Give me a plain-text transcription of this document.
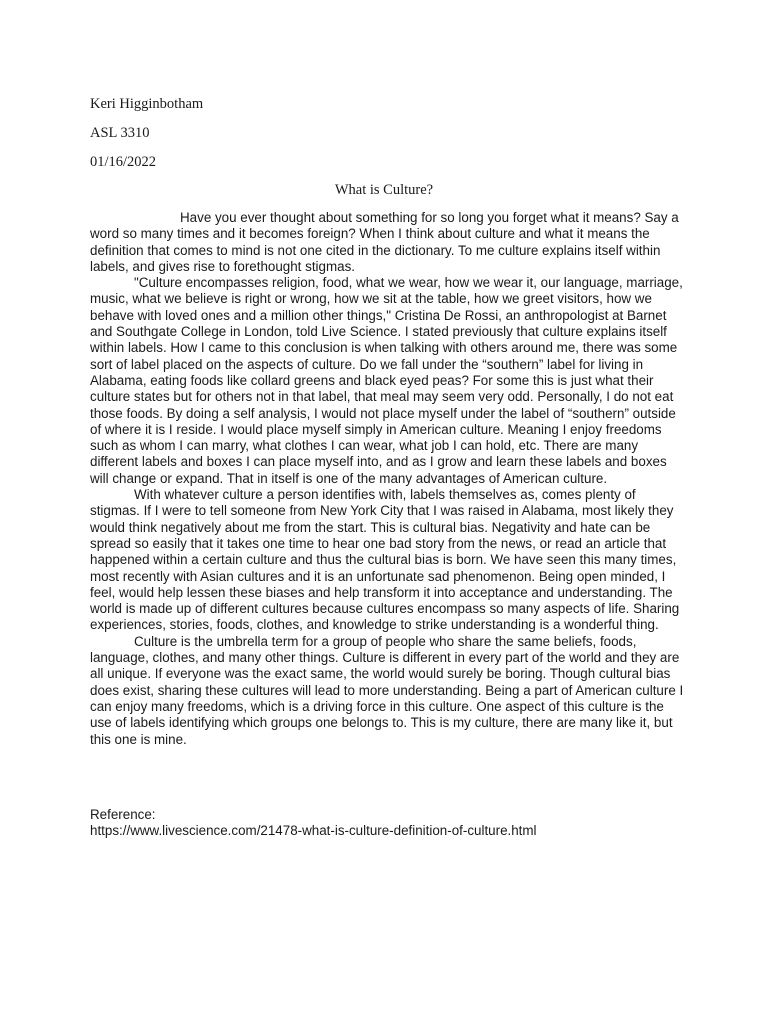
Keri Higginbotham
ASL 3310
01/16/2022
What is Culture?

Have you ever thought about something for so long you forget what it means? Say a word so many times and it becomes foreign? When I think about culture and what it means the definition that comes to mind is not one cited in the dictionary. To me culture explains itself within labels, and gives rise to forethought stigmas.

"Culture encompasses religion, food, what we wear, how we wear it, our language, marriage, music, what we believe is right or wrong, how we sit at the table, how we greet visitors, how we behave with loved ones and a million other things," Cristina De Rossi, an anthropologist at Barnet and Southgate College in London, told Live Science. I stated previously that culture explains itself within labels. How I came to this conclusion is when talking with others around me, there was some sort of label placed on the aspects of culture. Do we fall under the “southern” label for living in Alabama, eating foods like collard greens and black eyed peas? For some this is just what their culture states but for others not in that label, that meal may seem very odd. Personally, I do not eat those foods. By doing a self analysis, I would not place myself under the label of “southern” outside of where it is I reside. I would place myself simply in American culture. Meaning I enjoy freedoms such as whom I can marry, what clothes I can wear, what job I can hold, etc. There are many different labels and boxes I can place myself into, and as I grow and learn these labels and boxes will change or expand. That in itself is one of the many advantages of American culture.

With whatever culture a person identifies with, labels themselves as, comes plenty of stigmas. If I were to tell someone from New York City that I was raised in Alabama, most likely they would think negatively about me from the start. This is cultural bias. Negativity and hate can be spread so easily that it takes one time to hear one bad story from the news, or read an article that happened within a certain culture and thus the cultural bias is born. We have seen this many times, most recently with Asian cultures and it is an unfortunate sad phenomenon. Being open minded, I feel, would help lessen these biases and help transform it into acceptance and understanding. The world is made up of different cultures because cultures encompass so many aspects of life. Sharing experiences, stories, foods, clothes, and knowledge to strike understanding is a wonderful thing.

Culture is the umbrella term for a group of people who share the same beliefs, foods, language, clothes, and many other things. Culture is different in every part of the world and they are all unique. If everyone was the exact same, the world would surely be boring. Though cultural bias does exist, sharing these cultures will lead to more understanding. Being a part of American culture I can enjoy many freedoms, which is a driving force in this culture. One aspect of this culture is the use of labels identifying which groups one belongs to. This is my culture, there are many like it, but this one is mine.

Reference:
https://www.livescience.com/21478-what-is-culture-definition-of-culture.html
